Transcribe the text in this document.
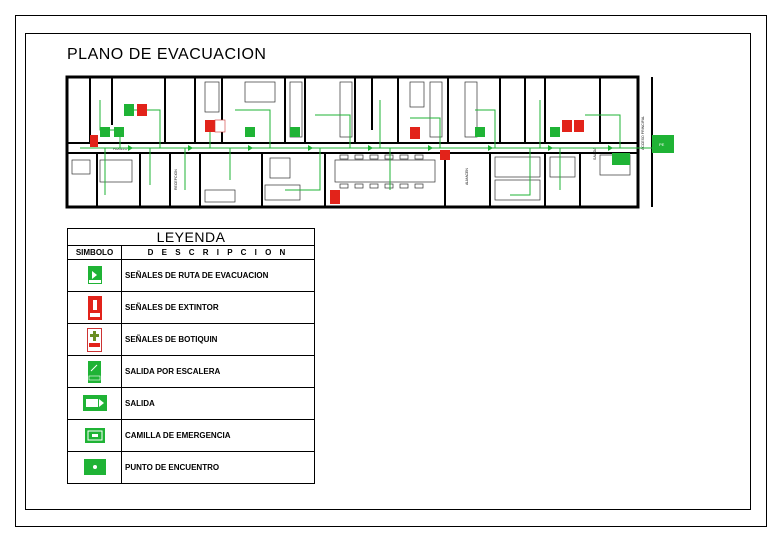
PLANO DE EVACUACION
PASILLO	ACCESO PRINCIPAL
SALIDA
RECEPCION	ALMACEN
PE
LEYENDA	
SIMBOLO	D E S C R I P C I O N
	SEÑALES DE RUTA DE EVACUACION
	SEÑALES DE EXTINTOR
	SEÑALES DE BOTIQUIN
	SALIDA POR ESCALERA
	SALIDA
	CAMILLA DE EMERGENCIA
	PUNTO DE ENCUENTRO
